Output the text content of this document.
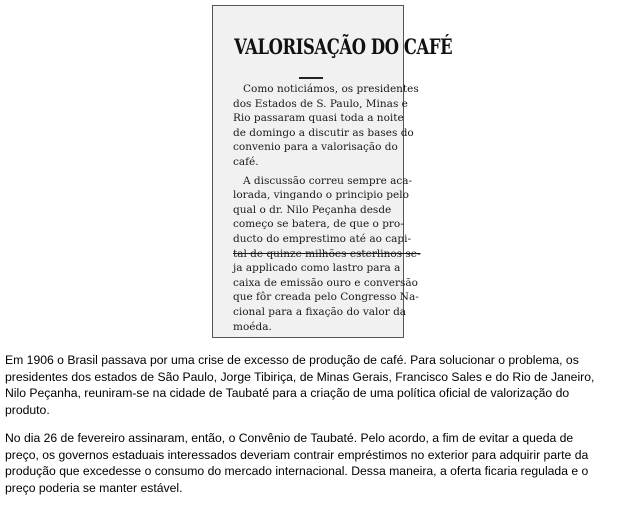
VALORISAÇÃO DO CAFÉ
Como noticiámos, os presidentes
dos Estados de S. Paulo, Minas e
Rio passaram quasi toda a noite
de domingo a discutir as bases do
convenio para a valorisação do
café.
A discussão correu sempre aca-
lorada, vingando o principio pelo
qual o dr. Nilo Peçanha desde
começo se batera, de que o pro-
ducto do emprestimo até ao capi-
tal de quinze milhões esterlinos se-
ja applicado como lastro para a
caixa de emissão ouro e conversão
que fôr creada pelo Congresso Na-
cional para a fixação do valor da
moéda.

Em 1906 o Brasil passava por uma crise de excesso de produção de café. Para solucionar o problema, os presidentes dos estados de São Paulo, Jorge Tibiriça, de Minas Gerais, Francisco Sales e do Rio de Janeiro, Nilo Peçanha, reuniram-se na cidade de Taubaté para a criação de uma política oficial de valorização do produto.

No dia 26 de fevereiro assinaram, então, o Convênio de Taubaté. Pelo acordo, a fim de evitar a queda de preço, os governos estaduais interessados deveriam contrair empréstimos no exterior para adquirir parte da produção que excedesse o consumo do mercado internacional. Dessa maneira, a oferta ficaria regulada e o preço poderia se manter estável.
